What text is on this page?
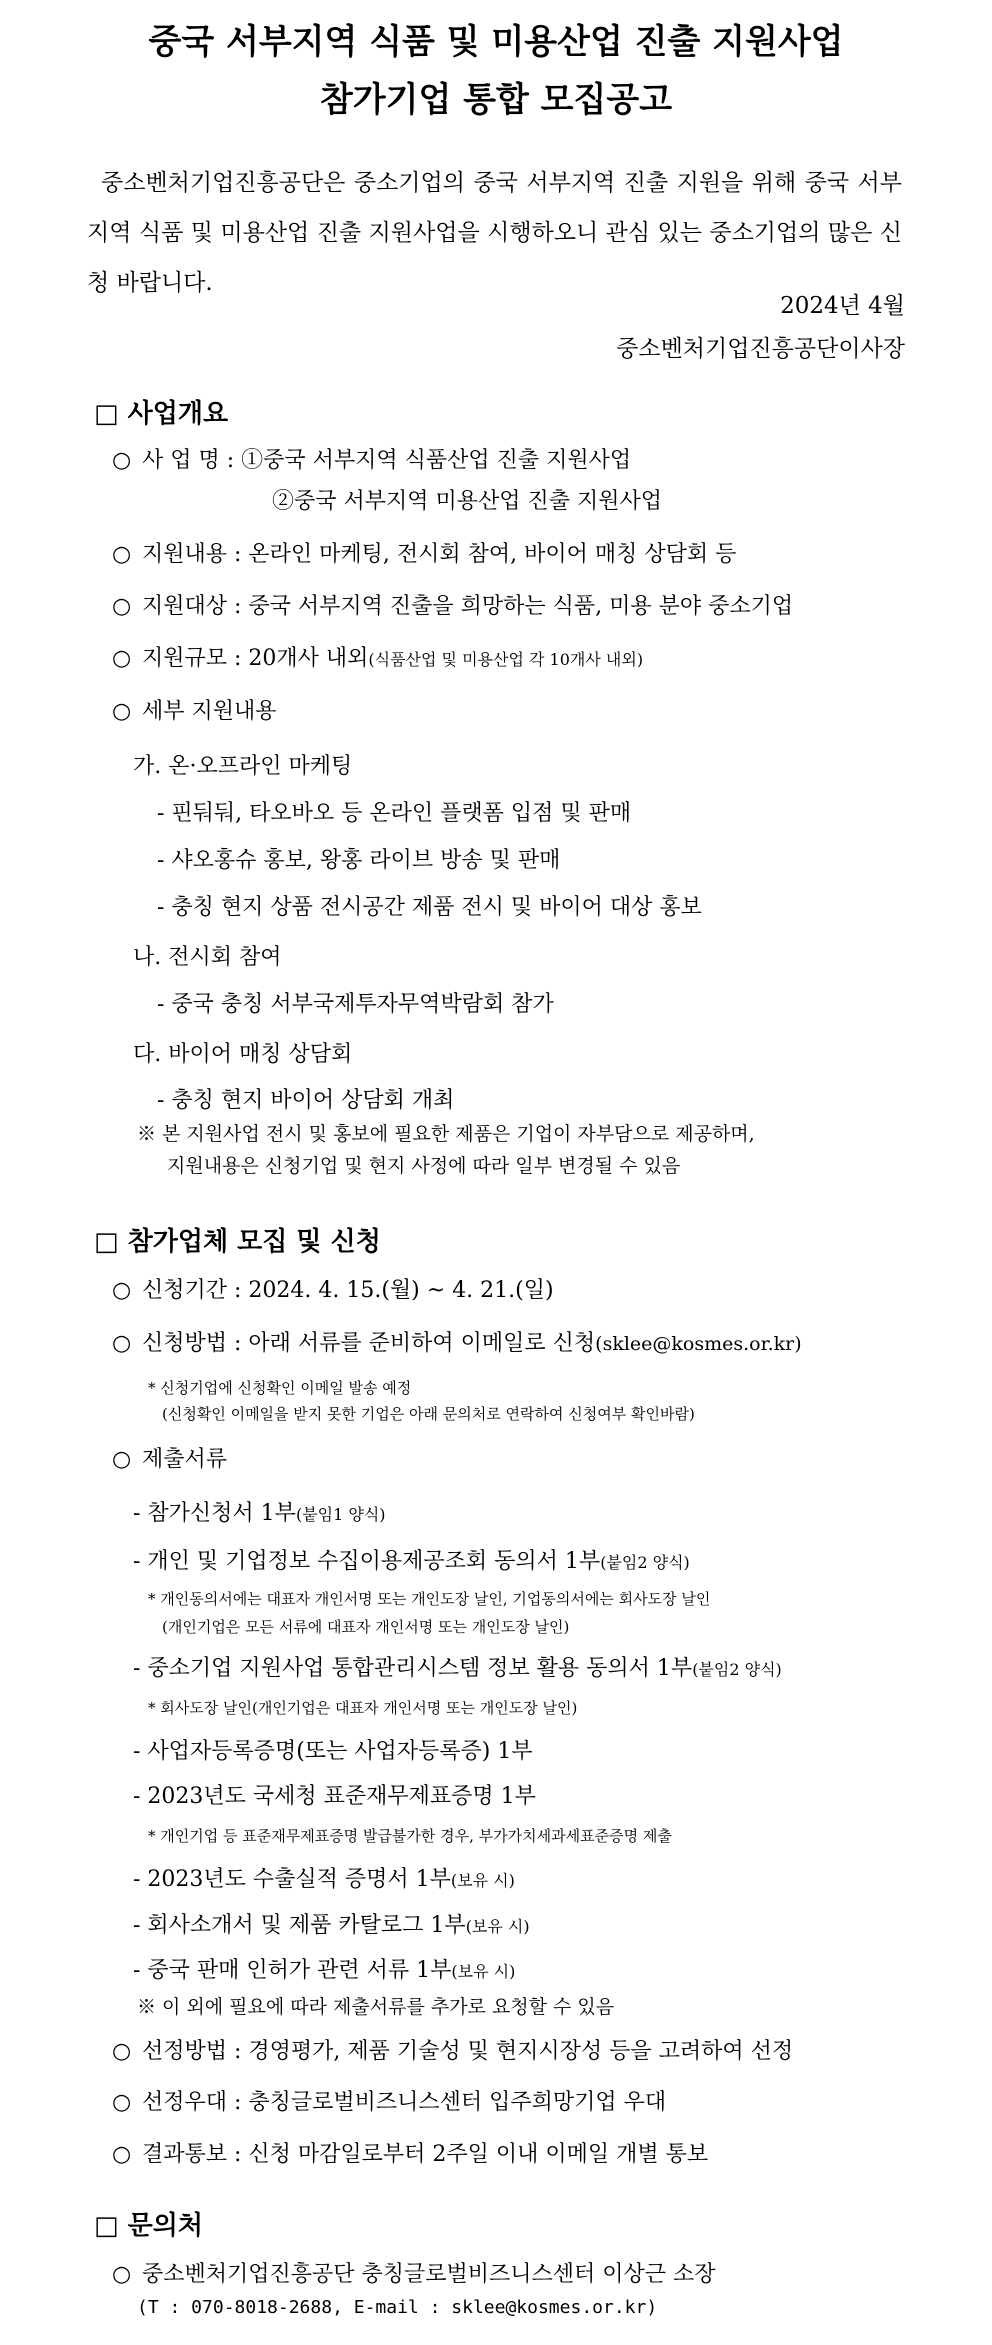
중국 서부지역 식품 및 미용산업 진출 지원사업
참가기업 통합 모집공고
중소벤처기업진흥공단은 중소기업의 중국 서부지역 진출 지원을 위해 중국 서부지역 식품 및 미용산업 진출 지원사업을 시행하오니 관심 있는 중소기업의 많은 신청 바랍니다.
2024년 4월
중소벤처기업진흥공단이사장
□ 사업개요
○ 사 업 명 : ①중국 서부지역 식품산업 진출 지원사업
②중국 서부지역 미용산업 진출 지원사업
○ 지원내용 : 온라인 마케팅, 전시회 참여, 바이어 매칭 상담회 등
○ 지원대상 : 중국 서부지역 진출을 희망하는 식품, 미용 분야 중소기업
○ 지원규모 : 20개사 내외(식품산업 및 미용산업 각 10개사 내외)
○ 세부 지원내용
가. 온·오프라인 마케팅
- 핀둬둬, 타오바오 등 온라인 플랫폼 입점 및 판매
- 샤오홍슈 홍보, 왕홍 라이브 방송 및 판매
- 충칭 현지 상품 전시공간 제품 전시 및 바이어 대상 홍보
나. 전시회 참여
- 중국 충칭 서부국제투자무역박람회 참가
다. 바이어 매칭 상담회
- 충칭 현지 바이어 상담회 개최
※ 본 지원사업 전시 및 홍보에 필요한 제품은 기업이 자부담으로 제공하며,
지원내용은 신청기업 및 현지 사정에 따라 일부 변경될 수 있음
□ 참가업체 모집 및 신청
○ 신청기간 : 2024. 4. 15.(월) ~ 4. 21.(일)
○ 신청방법 : 아래 서류를 준비하여 이메일로 신청(sklee@kosmes.or.kr)
* 신청기업에 신청확인 이메일 발송 예정
(신청확인 이메일을 받지 못한 기업은 아래 문의처로 연락하여 신청여부 확인바람)
○ 제출서류
- 참가신청서 1부(붙임1 양식)
- 개인 및 기업정보 수집이용제공조회 동의서 1부(붙임2 양식)
* 개인동의서에는 대표자 개인서명 또는 개인도장 날인, 기업동의서에는 회사도장 날인
(개인기업은 모든 서류에 대표자 개인서명 또는 개인도장 날인)
- 중소기업 지원사업 통합관리시스템 정보 활용 동의서 1부(붙임2 양식)
* 회사도장 날인(개인기업은 대표자 개인서명 또는 개인도장 날인)
- 사업자등록증명(또는 사업자등록증) 1부
- 2023년도 국세청 표준재무제표증명 1부
* 개인기업 등 표준재무제표증명 발급불가한 경우, 부가가치세과세표준증명 제출
- 2023년도 수출실적 증명서 1부(보유 시)
- 회사소개서 및 제품 카탈로그 1부(보유 시)
- 중국 판매 인허가 관련 서류 1부(보유 시)
※ 이 외에 필요에 따라 제출서류를 추가로 요청할 수 있음
○ 선정방법 : 경영평가, 제품 기술성 및 현지시장성 등을 고려하여 선정
○ 선정우대 : 충칭글로벌비즈니스센터 입주희망기업 우대
○ 결과통보 : 신청 마감일로부터 2주일 이내 이메일 개별 통보
□ 문의처
○ 중소벤처기업진흥공단 충칭글로벌비즈니스센터 이상근 소장
(T : 070-8018-2688, E-mail : sklee@kosmes.or.kr)
